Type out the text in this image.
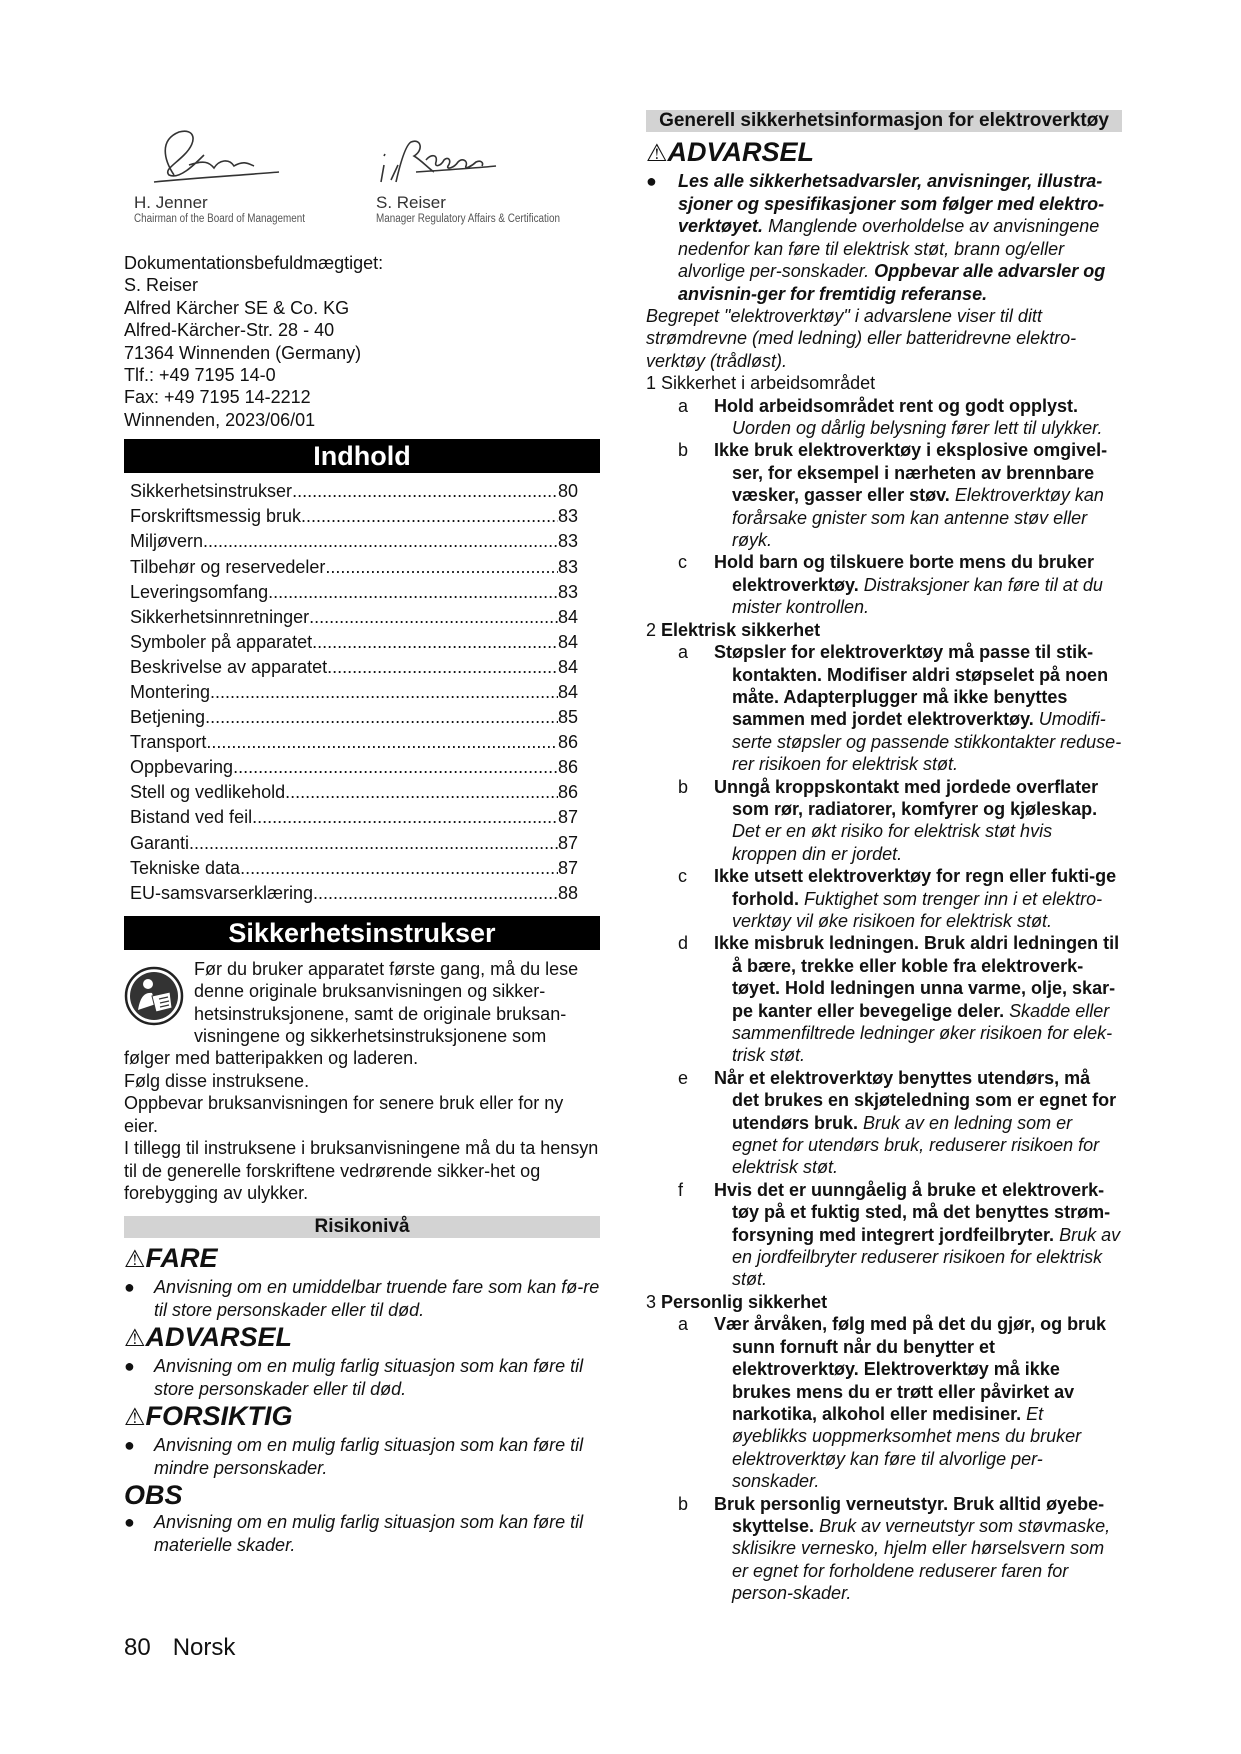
H. Jenner
Chairman of the Board of Management
S. Reiser
Manager Regulatory Affairs & Certification
Dokumentationsbefuldmægtiget:
S. Reiser
Alfred Kärcher SE & Co. KG
Alfred-Kärcher-Str. 28 - 40
71364 Winnenden (Germany)
Tlf.: +49 7195 14-0
Fax: +49 7195 14-2212
Winnenden, 2023/06/01
Indhold
Sikkerhetsinstrukser .....	80
Forskriftsmessig bruk .....	83
Miljøvern .....	83
Tilbehør og reservedeler .....	83
Leveringsomfang .....	83
Sikkerhetsinnretninger .....	84
Symboler på apparatet .....	84
Beskrivelse av apparatet .....	84
Montering .....	84
Betjening .....	85
Transport .....	86
Oppbevaring .....	86
Stell og vedlikehold .....	86
Bistand ved feil .....	87
Garanti .....	87
Tekniske data .....	87
EU-samsvarserklæring .....	88
Sikkerhetsinstrukser
Før du bruker apparatet første gang, må du lese
denne originale bruksanvisningen og sikker-
hetsinstruksjonene, samt de originale bruksan-
visningene og sikkerhetsinstruksjonene som
følger med batteripakken og laderen.
Følg disse instruksene.
Oppbevar bruksanvisningen for senere bruk eller for ny eier.
I tillegg til instruksene i bruksanvisningene må du ta hensyn til de generelle forskriftene vedrørende sikker-het og forebygging av ulykker.
Risikonivå
⚠FARE
●	Anvisning om en umiddelbar truende fare som kan fø-re til store personskader eller til død.
⚠ADVARSEL
●	Anvisning om en mulig farlig situasjon som kan føre til store personskader eller til død.
⚠FORSIKTIG
●	Anvisning om en mulig farlig situasjon som kan føre til mindre personskader.
OBS
●	Anvisning om en mulig farlig situasjon som kan føre til materielle skader.
Generell sikkerhetsinformasjon for elektroverktøy
⚠ADVARSEL
●	Les alle sikkerhetsadvarsler, anvisninger, illustra-sjoner og spesifikasjoner som følger med elektro-verktøyet. Manglende overholdelse av anvisningene nedenfor kan føre til elektrisk støt, brann og/eller alvorlige per-sonskader. Oppbevar alle advarsler og anvisnin-ger for fremtidig referanse.
Begrepet "elektroverktøy" i advarslene viser til ditt strømdrevne (med ledning) eller batteridrevne elektro-verktøy (trådløst).
1 Sikkerhet i arbeidsområdet
a Hold arbeidsområdet rent og godt opplyst. Uorden og dårlig belysning fører lett til ulykker.
b Ikke bruk elektroverktøy i eksplosive omgivel-ser, for eksempel i nærheten av brennbare væsker, gasser eller støv. Elektroverktøy kan forårsake gnister som kan antenne støv eller røyk.
c Hold barn og tilskuere borte mens du bruker elektroverktøy. Distraksjoner kan føre til at du mister kontrollen.
2 Elektrisk sikkerhet
a Støpsler for elektroverktøy må passe til stik-kontakten. Modifiser aldri støpselet på noen måte. Adapterplugger må ikke benyttes sammen med jordet elektroverktøy. Umodifi-serte støpsler og passende stikkontakter reduse-rer risikoen for elektrisk støt.
b Unngå kroppskontakt med jordede overflater som rør, radiatorer, komfyrer og kjøleskap. Det er en økt risiko for elektrisk støt hvis kroppen din er jordet.
c Ikke utsett elektroverktøy for regn eller fukti-ge forhold. Fuktighet som trenger inn i et elektro-verktøy vil øke risikoen for elektrisk støt.
d Ikke misbruk ledningen. Bruk aldri ledningen til å bære, trekke eller koble fra elektroverk-tøyet. Hold ledningen unna varme, olje, skar-pe kanter eller bevegelige deler. Skadde eller sammenfiltrede ledninger øker risikoen for elek-trisk støt.
e Når et elektroverktøy benyttes utendørs, må det brukes en skjøteledning som er egnet for utendørs bruk. Bruk av en ledning som er egnet for utendørs bruk, reduserer risikoen for elektrisk støt.
f Hvis det er uunngåelig å bruke et elektroverk-tøy på et fuktig sted, må det benyttes strøm-forsyning med integrert jordfeilbryter. Bruk av en jordfeilbryter reduserer risikoen for elektrisk støt.
3 Personlig sikkerhet
a Vær årvåken, følg med på det du gjør, og bruk sunn fornuft når du benytter et elektroverktøy. Elektroverktøy må ikke brukes mens du er trøtt eller påvirket av narkotika, alkohol eller medisiner. Et øyeblikks uoppmerksomhet mens du bruker elektroverktøy kan føre til alvorlige per-sonskader.
b Bruk personlig verneutstyr. Bruk alltid øyebe-skyttelse. Bruk av verneutstyr som støvmaske, sklisikre vernesko, hjelm eller hørselsvern som er egnet for forholdene reduserer faren for person-skader.
80 Norsk
